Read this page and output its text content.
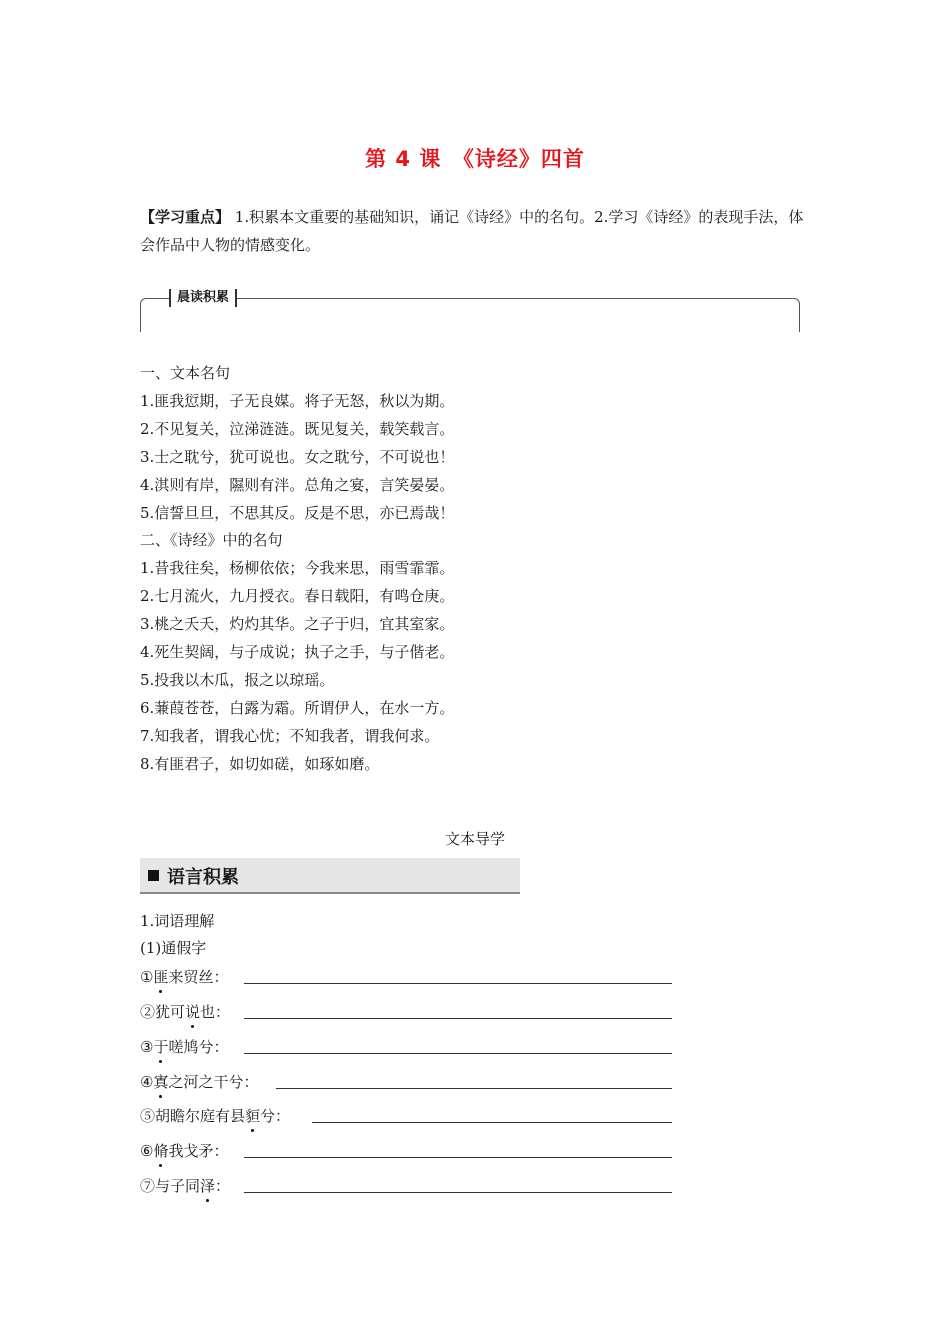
第 4 课　《诗经》四首
【学习重点】 1.积累本文重要的基础知识，诵记《诗经》中的名句。2.学习《诗经》的表现手法，体会作品中人物的情感变化。
晨读积累
一、文本名句
1.匪我愆期，子无良媒。将子无怒，秋以为期。
2.不见复关，泣涕涟涟。既见复关，载笑载言。
3.士之耽兮，犹可说也。女之耽兮，不可说也！
4.淇则有岸，隰则有泮。总角之宴，言笑晏晏。
5.信誓旦旦，不思其反。反是不思，亦已焉哉！
二、《诗经》中的名句
1.昔我往矣，杨柳依依；今我来思，雨雪霏霏。
2.七月流火，九月授衣。春日载阳，有鸣仓庚。
3.桃之夭夭，灼灼其华。之子于归，宜其室家。
4.死生契阔，与子成说；执子之手，与子偕老。
5.投我以木瓜，报之以琼瑶。
6.蒹葭苍苍，白露为霜。所谓伊人，在水一方。
7.知我者，谓我心忧；不知我者，谓我何求。
8.有匪君子，如切如磋，如琢如磨。
文本导学
语言积累
1.词语理解
(1)通假字
①匪来贸丝：
②犹可说也：
③于嗟鸠兮：
④寘之河之干兮：
⑤胡瞻尔庭有县貆兮：
⑥脩我戈矛：
⑦与子同泽：
